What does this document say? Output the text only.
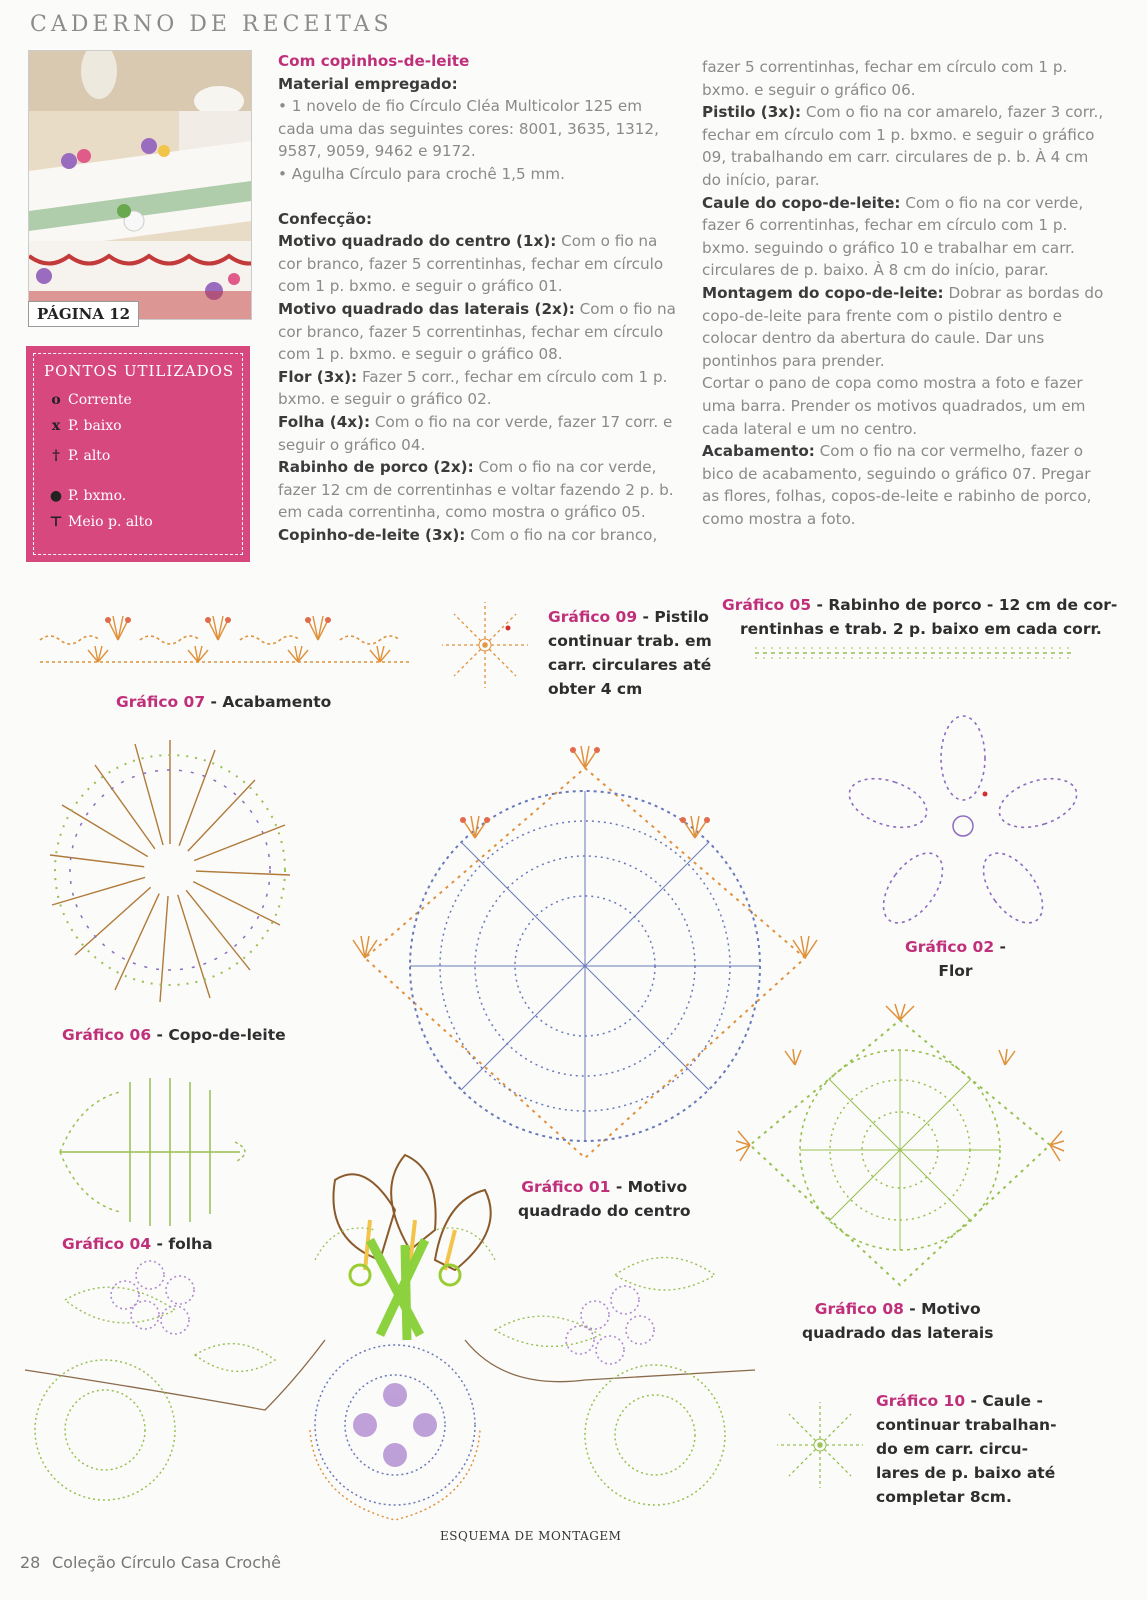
CADERNO DE RECEITAS
PÁGINA 12
PONTOS UTILIZADOS
o Corrente
x P. baixo
† P. alto
● P. bxmo.
⊤ Meio p. alto

Com copinhos-de-leite

Material empregado:

• 1 novelo de fio Círculo Cléa Multicolor 125 em cada uma das seguintes cores: 8001, 3635, 1312, 9587, 9059, 9462 e 9172.

• Agulha Círculo para crochê 1,5 mm.

Confecção:

Motivo quadrado do centro (1x): Com o fio na cor branco, fazer 5 correntinhas, fechar em círculo com 1 p. bxmo. e seguir o gráfico 01.

Motivo quadrado das laterais (2x): Com o fio na cor branco, fazer 5 correntinhas, fechar em círculo com 1 p. bxmo. e seguir o gráfico 08.

Flor (3x): Fazer 5 corr., fechar em círculo com 1 p. bxmo. e seguir o gráfico 02.

Folha (4x): Com o fio na cor verde, fazer 17 corr. e seguir o gráfico 04.

Rabinho de porco (2x): Com o fio na cor verde, fazer 12 cm de correntinhas e voltar fazendo 2 p. b. em cada correntinha, como mostra o gráfico 05.

Copinho-de-leite (3x): Com o fio na cor branco,

fazer 5 correntinhas, fechar em círculo com 1 p. bxmo. e seguir o gráfico 06.

Pistilo (3x): Com o fio na cor amarelo, fazer 3 corr., fechar em círculo com 1 p. bxmo. e seguir o gráfico 09, trabalhando em carr. circulares de p. b. À 4 cm do início, parar.

Caule do copo-de-leite: Com o fio na cor verde, fazer 6 correntinhas, fechar em círculo com 1 p. bxmo. seguindo o gráfico 10 e trabalhar em carr. circulares de p. baixo. À 8 cm do início, parar.

Montagem do copo-de-leite: Dobrar as bordas do copo-de-leite para frente com o pistilo dentro e colocar dentro da abertura do caule. Dar uns pontinhos para prender.

Cortar o pano de copa como mostra a foto e fazer uma barra. Prender os motivos quadrados, um em cada lateral e um no centro.

Acabamento: Com o fio na cor vermelho, fazer o bico de acabamento, seguindo o gráfico 07. Pregar as flores, folhas, copos-de-leite e rabinho de porco, como mostra a foto.

Gráfico 07 - Acabamento
Gráfico 09 - Pistilo
continuar trab. em
carr. circulares até
obter 4 cm
Gráfico 05 - Rabinho de porco - 12 cm de cor-
rentinhas e trab. 2 p. baixo em cada corr.
Gráfico 06 - Copo-de-leite
Gráfico 01 - Motivo
quadrado do centro
Gráfico 02 -
Flor
Gráfico 04 - folha
Gráfico 08 - Motivo
quadrado das laterais
Gráfico 10 - Caule -
continuar trabalhan-
do em carr. circu-
lares de p. baixo até
completar 8cm.
ESQUEMA DE MONTAGEM
28 Coleção Círculo Casa Crochê
